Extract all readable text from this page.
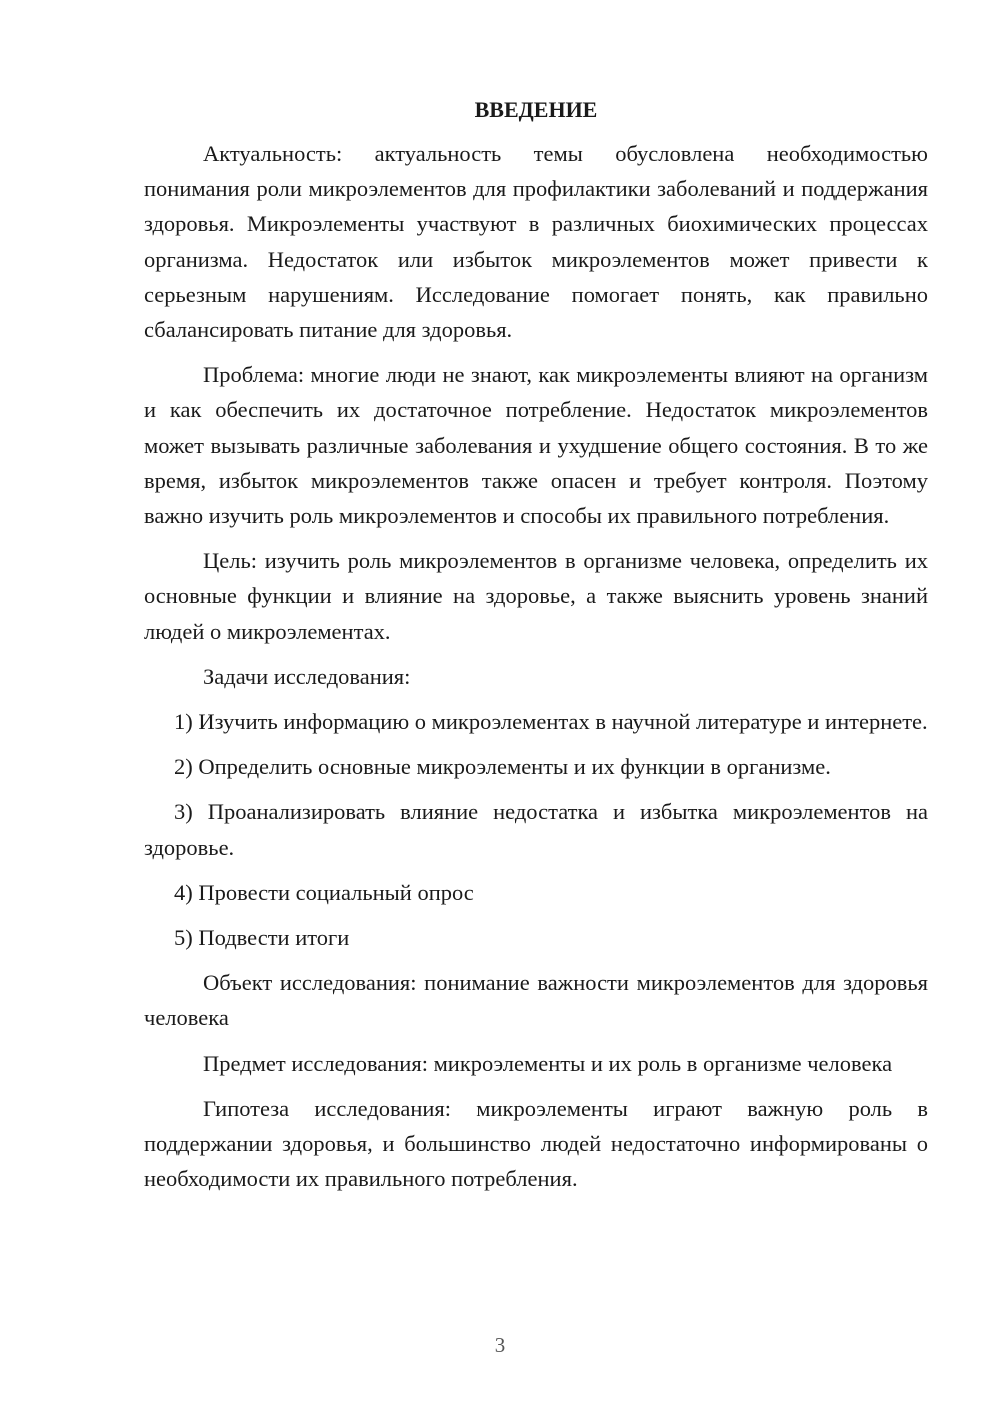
ВВЕДЕНИЕ

Актуальность: актуальность темы обусловлена необходимостью понимания роли микроэлементов для профилактики заболеваний и поддержания здоровья. Микроэлементы участвуют в различных биохимических процессах организма. Недостаток или избыток микроэлементов может привести к серьезным нарушениям. Исследование помогает понять, как правильно сбалансировать питание для здоровья.

Проблема: многие люди не знают, как микроэлементы влияют на организм и как обеспечить их достаточное потребление. Недостаток микроэлементов может вызывать различные заболевания и ухудшение общего состояния. В то же время, избыток микроэлементов также опасен и требует контроля. Поэтому важно изучить роль микроэлементов и способы их правильного потребления.

Цель: изучить роль микроэлементов в организме человека, определить их основные функции и влияние на здоровье, а также выяснить уровень знаний людей о микроэлементах.

Задачи исследования:

1) Изучить информацию о микроэлементах в научной литературе и интернете.

2) Определить основные микроэлементы и их функции в организме.

3) Проанализировать влияние недостатка и избытка микроэлементов на здоровье.

4) Провести социальный опрос

5) Подвести итоги

Объект исследования: понимание важности микроэлементов для здоровья человека

Предмет исследования: микроэлементы и их роль в организме человека

Гипотеза исследования: микроэлементы играют важную роль в поддержании здоровья, и большинство людей недостаточно информированы о необходимости их правильного потребления.

3
